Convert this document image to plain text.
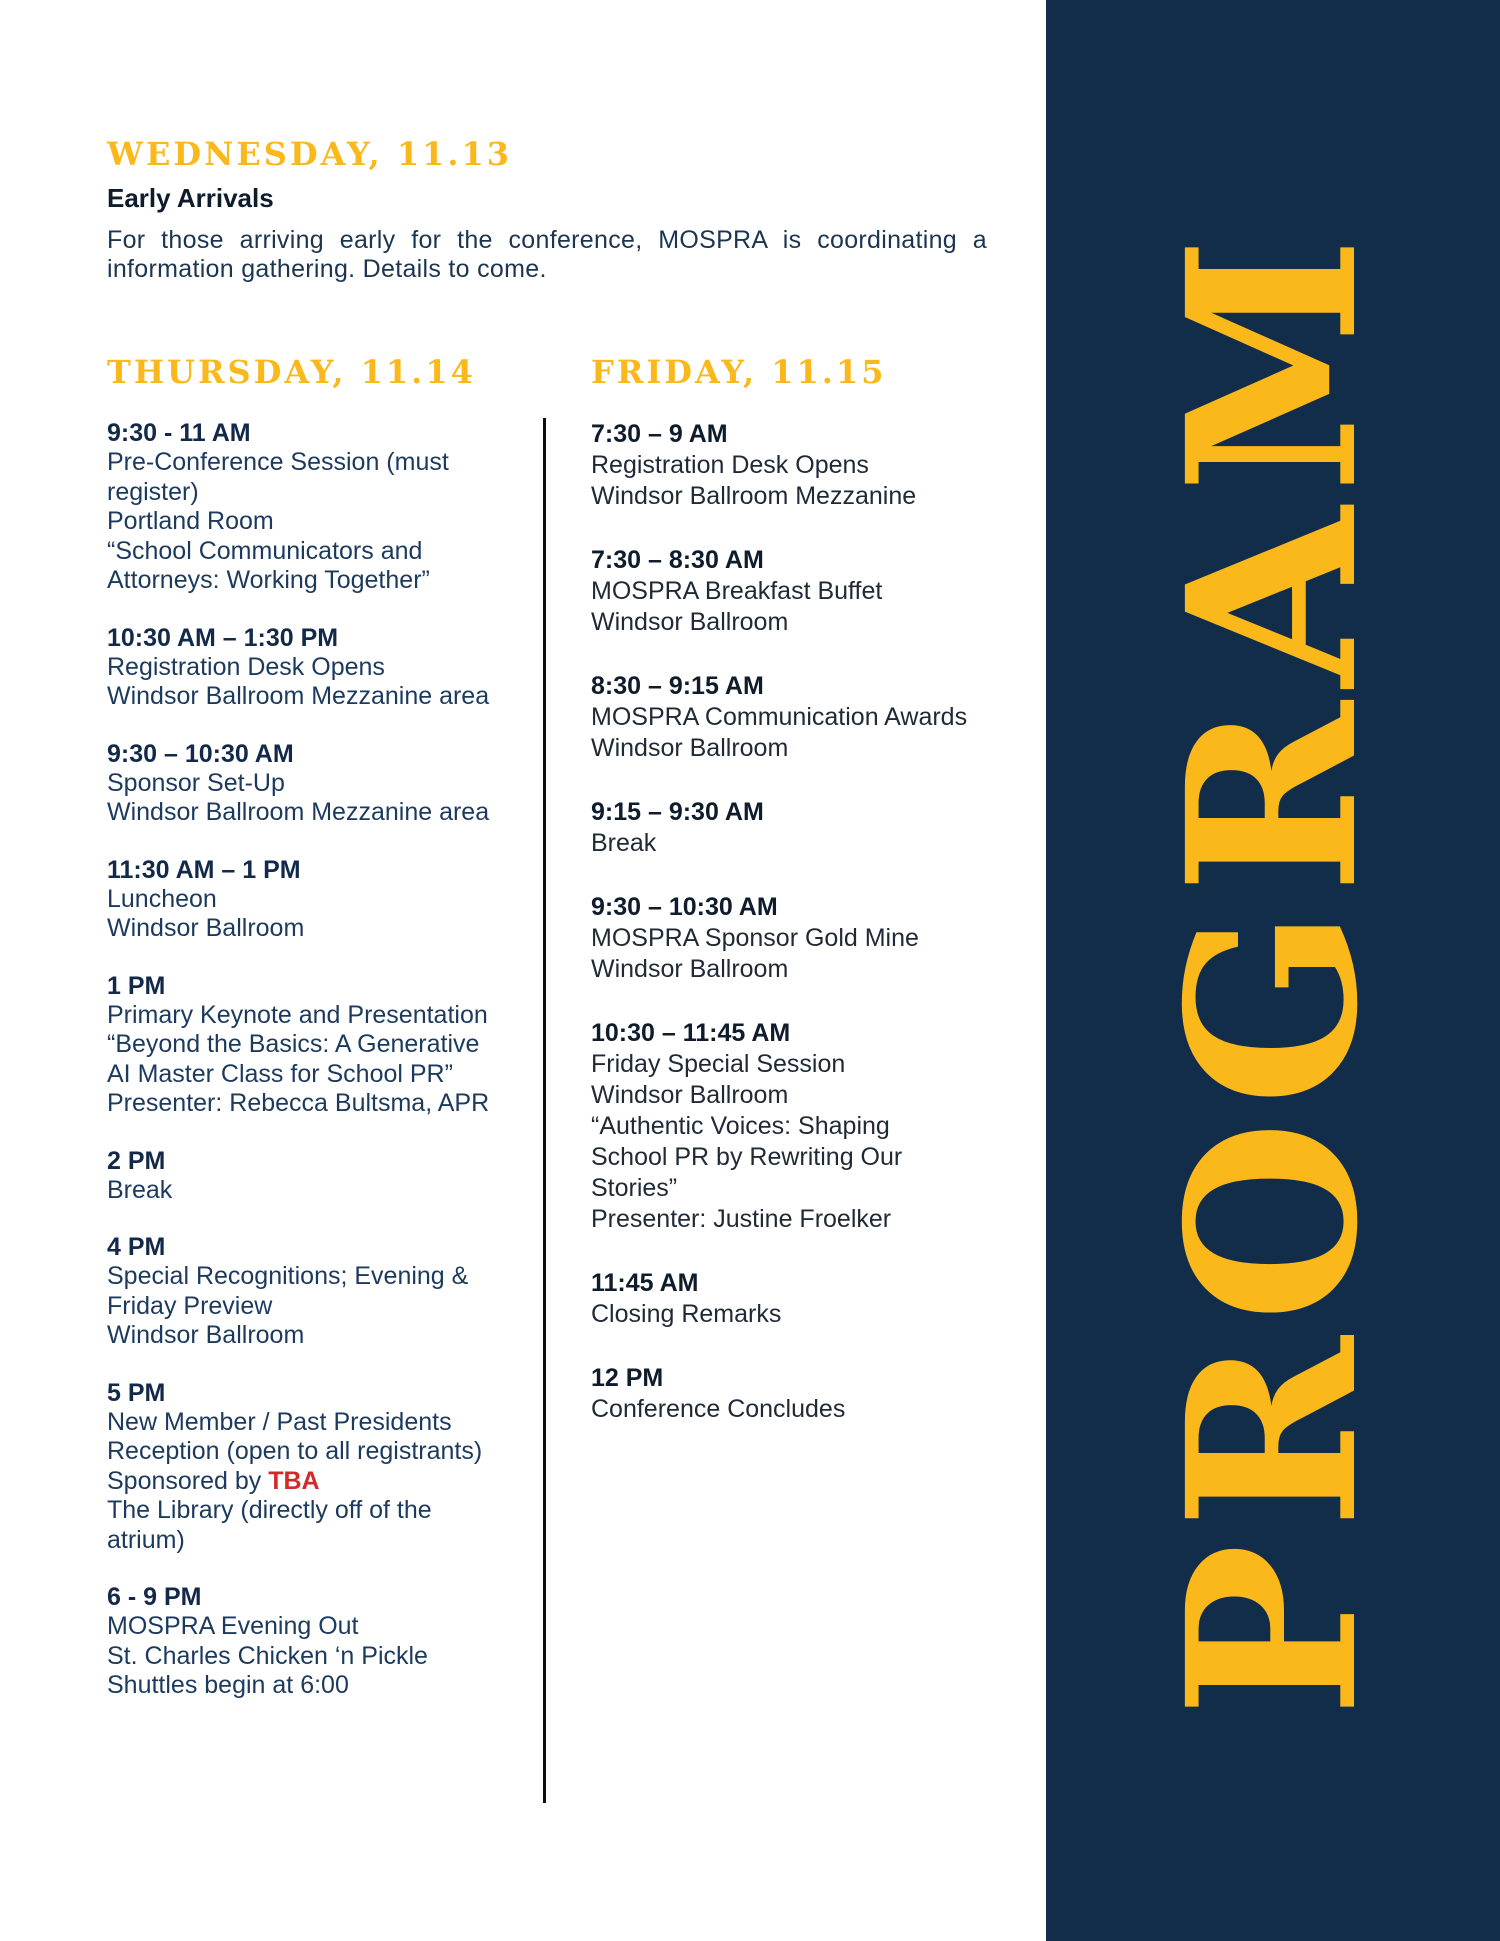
PROGRAM
WEDNESDAY, 11.13
Early Arrivals

For those arriving early for the conference, MOSPRA is coordinating a information gathering. Details to come.

THURSDAY, 11.14	FRIDAY, 11.15
9:30 - 11 AM
Pre-Conference Session (must
register)
Portland Room
“School Communicators and
Attorneys: Working Together”
10:30 AM – 1:30 PM
Registration Desk Opens
Windsor Ballroom Mezzanine area
9:30 – 10:30 AM
Sponsor Set-Up
Windsor Ballroom Mezzanine area
11:30 AM – 1 PM
Luncheon
Windsor Ballroom
1 PM
Primary Keynote and Presentation
“Beyond the Basics: A Generative
AI Master Class for School PR”
Presenter: Rebecca Bultsma, APR
2 PM
Break
4 PM
Special Recognitions; Evening &
Friday Preview
Windsor Ballroom
5 PM
New Member / Past Presidents
Reception (open to all registrants)
Sponsored by TBA
The Library (directly off of the
atrium)
6 - 9 PM
MOSPRA Evening Out
St. Charles Chicken ‘n Pickle
Shuttles begin at 6:00
7:30 – 9 AM
Registration Desk Opens
Windsor Ballroom Mezzanine
7:30 – 8:30 AM
MOSPRA Breakfast Buffet
Windsor Ballroom
8:30 – 9:15 AM
MOSPRA Communication Awards
Windsor Ballroom
9:15 – 9:30 AM
Break
9:30 – 10:30 AM
MOSPRA Sponsor Gold Mine
Windsor Ballroom
10:30 – 11:45 AM
Friday Special Session
Windsor Ballroom
“Authentic Voices: Shaping
School PR by Rewriting Our
Stories”
Presenter: Justine Froelker
11:45 AM
Closing Remarks
12 PM
Conference Concludes
